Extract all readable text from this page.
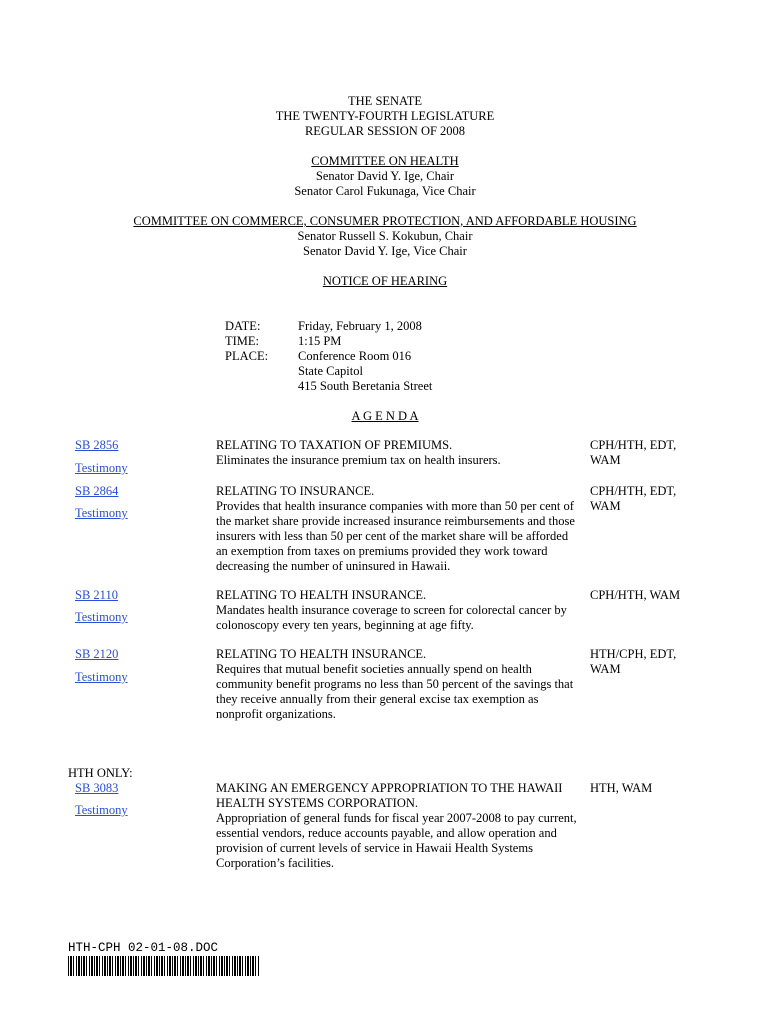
THE SENATE
THE TWENTY-FOURTH LEGISLATURE
REGULAR SESSION OF 2008
COMMITTEE ON HEALTH
Senator David Y. Ige, Chair
Senator Carol Fukunaga, Vice Chair
COMMITTEE ON COMMERCE, CONSUMER PROTECTION, AND AFFORDABLE HOUSING
Senator Russell S. Kokubun, Chair
Senator David Y. Ige, Vice Chair
NOTICE OF HEARING
DATE:	Friday, February 1, 2008
TIME:	1:15 PM
PLACE: Conference Room 016
State Capitol
415 South Beretania Street
A G E N D A
SB 2856
Testimony
RELATING TO TAXATION OF PREMIUMS.
Eliminates the insurance premium tax on health insurers.
CPH/HTH, EDT, WAM
SB 2864
Testimony
RELATING TO INSURANCE.
Provides that health insurance companies with more than 50 per cent of the market share provide increased insurance reimbursements and those insurers with less than 50 per cent of the market share will be afforded an exemption from taxes on premiums provided they work toward decreasing the number of uninsured in Hawaii.
CPH/HTH, EDT, WAM
SB 2110
Testimony
RELATING TO HEALTH INSURANCE.
Mandates health insurance coverage to screen for colorectal cancer by colonoscopy every ten years, beginning at age fifty.
CPH/HTH, WAM
SB 2120
Testimony
RELATING TO HEALTH INSURANCE.
Requires that mutual benefit societies annually spend on health community benefit programs no less than 50 percent of the savings that they receive annually from their general excise tax exemption as nonprofit organizations.
HTH/CPH, EDT, WAM
HTH ONLY:
SB 3083
Testimony
MAKING AN EMERGENCY APPROPRIATION TO THE HAWAII HEALTH SYSTEMS CORPORATION.
Appropriation of general funds for fiscal year 2007-2008 to pay current, essential vendors, reduce accounts payable, and allow operation and provision of current levels of service in Hawaii Health Systems Corporation’s facilities.
HTH, WAM
HTH-CPH 02-01-08.DOC
